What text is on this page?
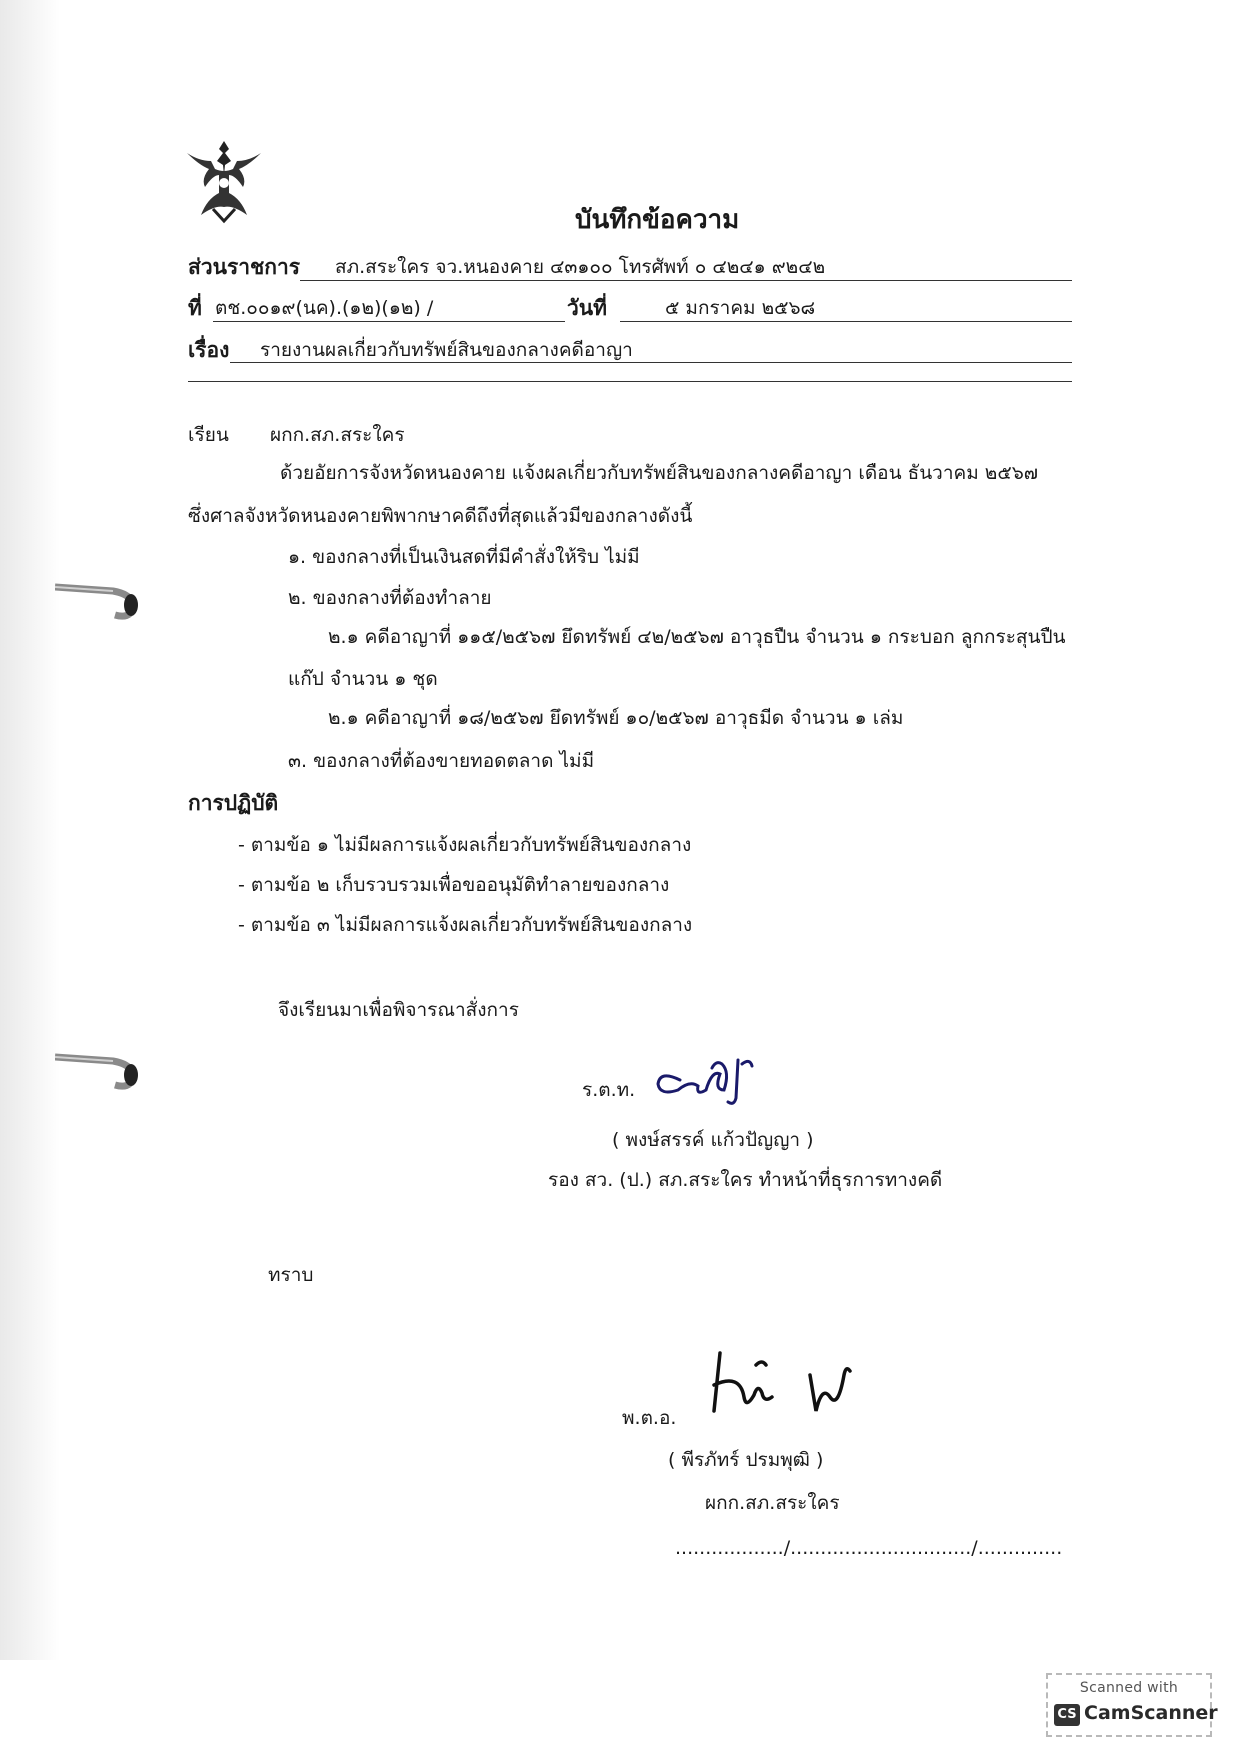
บันทึกข้อความ
ส่วนราชการ สภ.สระใคร จว.หนองคาย ๔๓๑๐๐ โทรศัพท์ ๐ ๔๒๔๑ ๙๒๔๒
ที่ ตช.๐๐๑๙(นค).(๑๒)(๑๒) /	วันที่	๕ มกราคม ๒๕๖๘
เรื่อง รายงานผลเกี่ยวกับทรัพย์สินของกลางคดีอาญา
เรียน ผกก.สภ.สระใคร
ด้วยอัยการจังหวัดหนองคาย แจ้งผลเกี่ยวกับทรัพย์สินของกลางคดีอาญา เดือน ธันวาคม ๒๕๖๗
ซึ่งศาลจังหวัดหนองคายพิพากษาคดีถึงที่สุดแล้วมีของกลางดังนี้
๑. ของกลางที่เป็นเงินสดที่มีคำสั่งให้ริบ ไม่มี
๒. ของกลางที่ต้องทำลาย
๒.๑ คดีอาญาที่ ๑๑๕/๒๕๖๗ ยึดทรัพย์ ๔๒/๒๕๖๗ อาวุธปืน จำนวน ๑ กระบอก ลูกกระสุนปืน
แก๊ป จำนวน ๑ ชุด
๒.๑ คดีอาญาที่ ๑๘/๒๕๖๗ ยึดทรัพย์ ๑๐/๒๕๖๗ อาวุธมีด จำนวน ๑ เล่ม
๓. ของกลางที่ต้องขายทอดตลาด ไม่มี
การปฏิบัติ
- ตามข้อ ๑ ไม่มีผลการแจ้งผลเกี่ยวกับทรัพย์สินของกลาง
- ตามข้อ ๒ เก็บรวบรวมเพื่อขออนุมัติทำลายของกลาง
- ตามข้อ ๓ ไม่มีผลการแจ้งผลเกี่ยวกับทรัพย์สินของกลาง
จึงเรียนมาเพื่อพิจารณาสั่งการ
ร.ต.ท.
( พงษ์สรรค์ แก้วปัญญา )
รอง สว. (ป.) สภ.สระใคร ทำหน้าที่ธุรการทางคดี
ทราบ
พ.ต.อ.
( พีรภัทร์ ปรมพุฒิ )
ผกก.สภ.สระใคร
................../............................../..............
Scanned with
CS CamScanner
